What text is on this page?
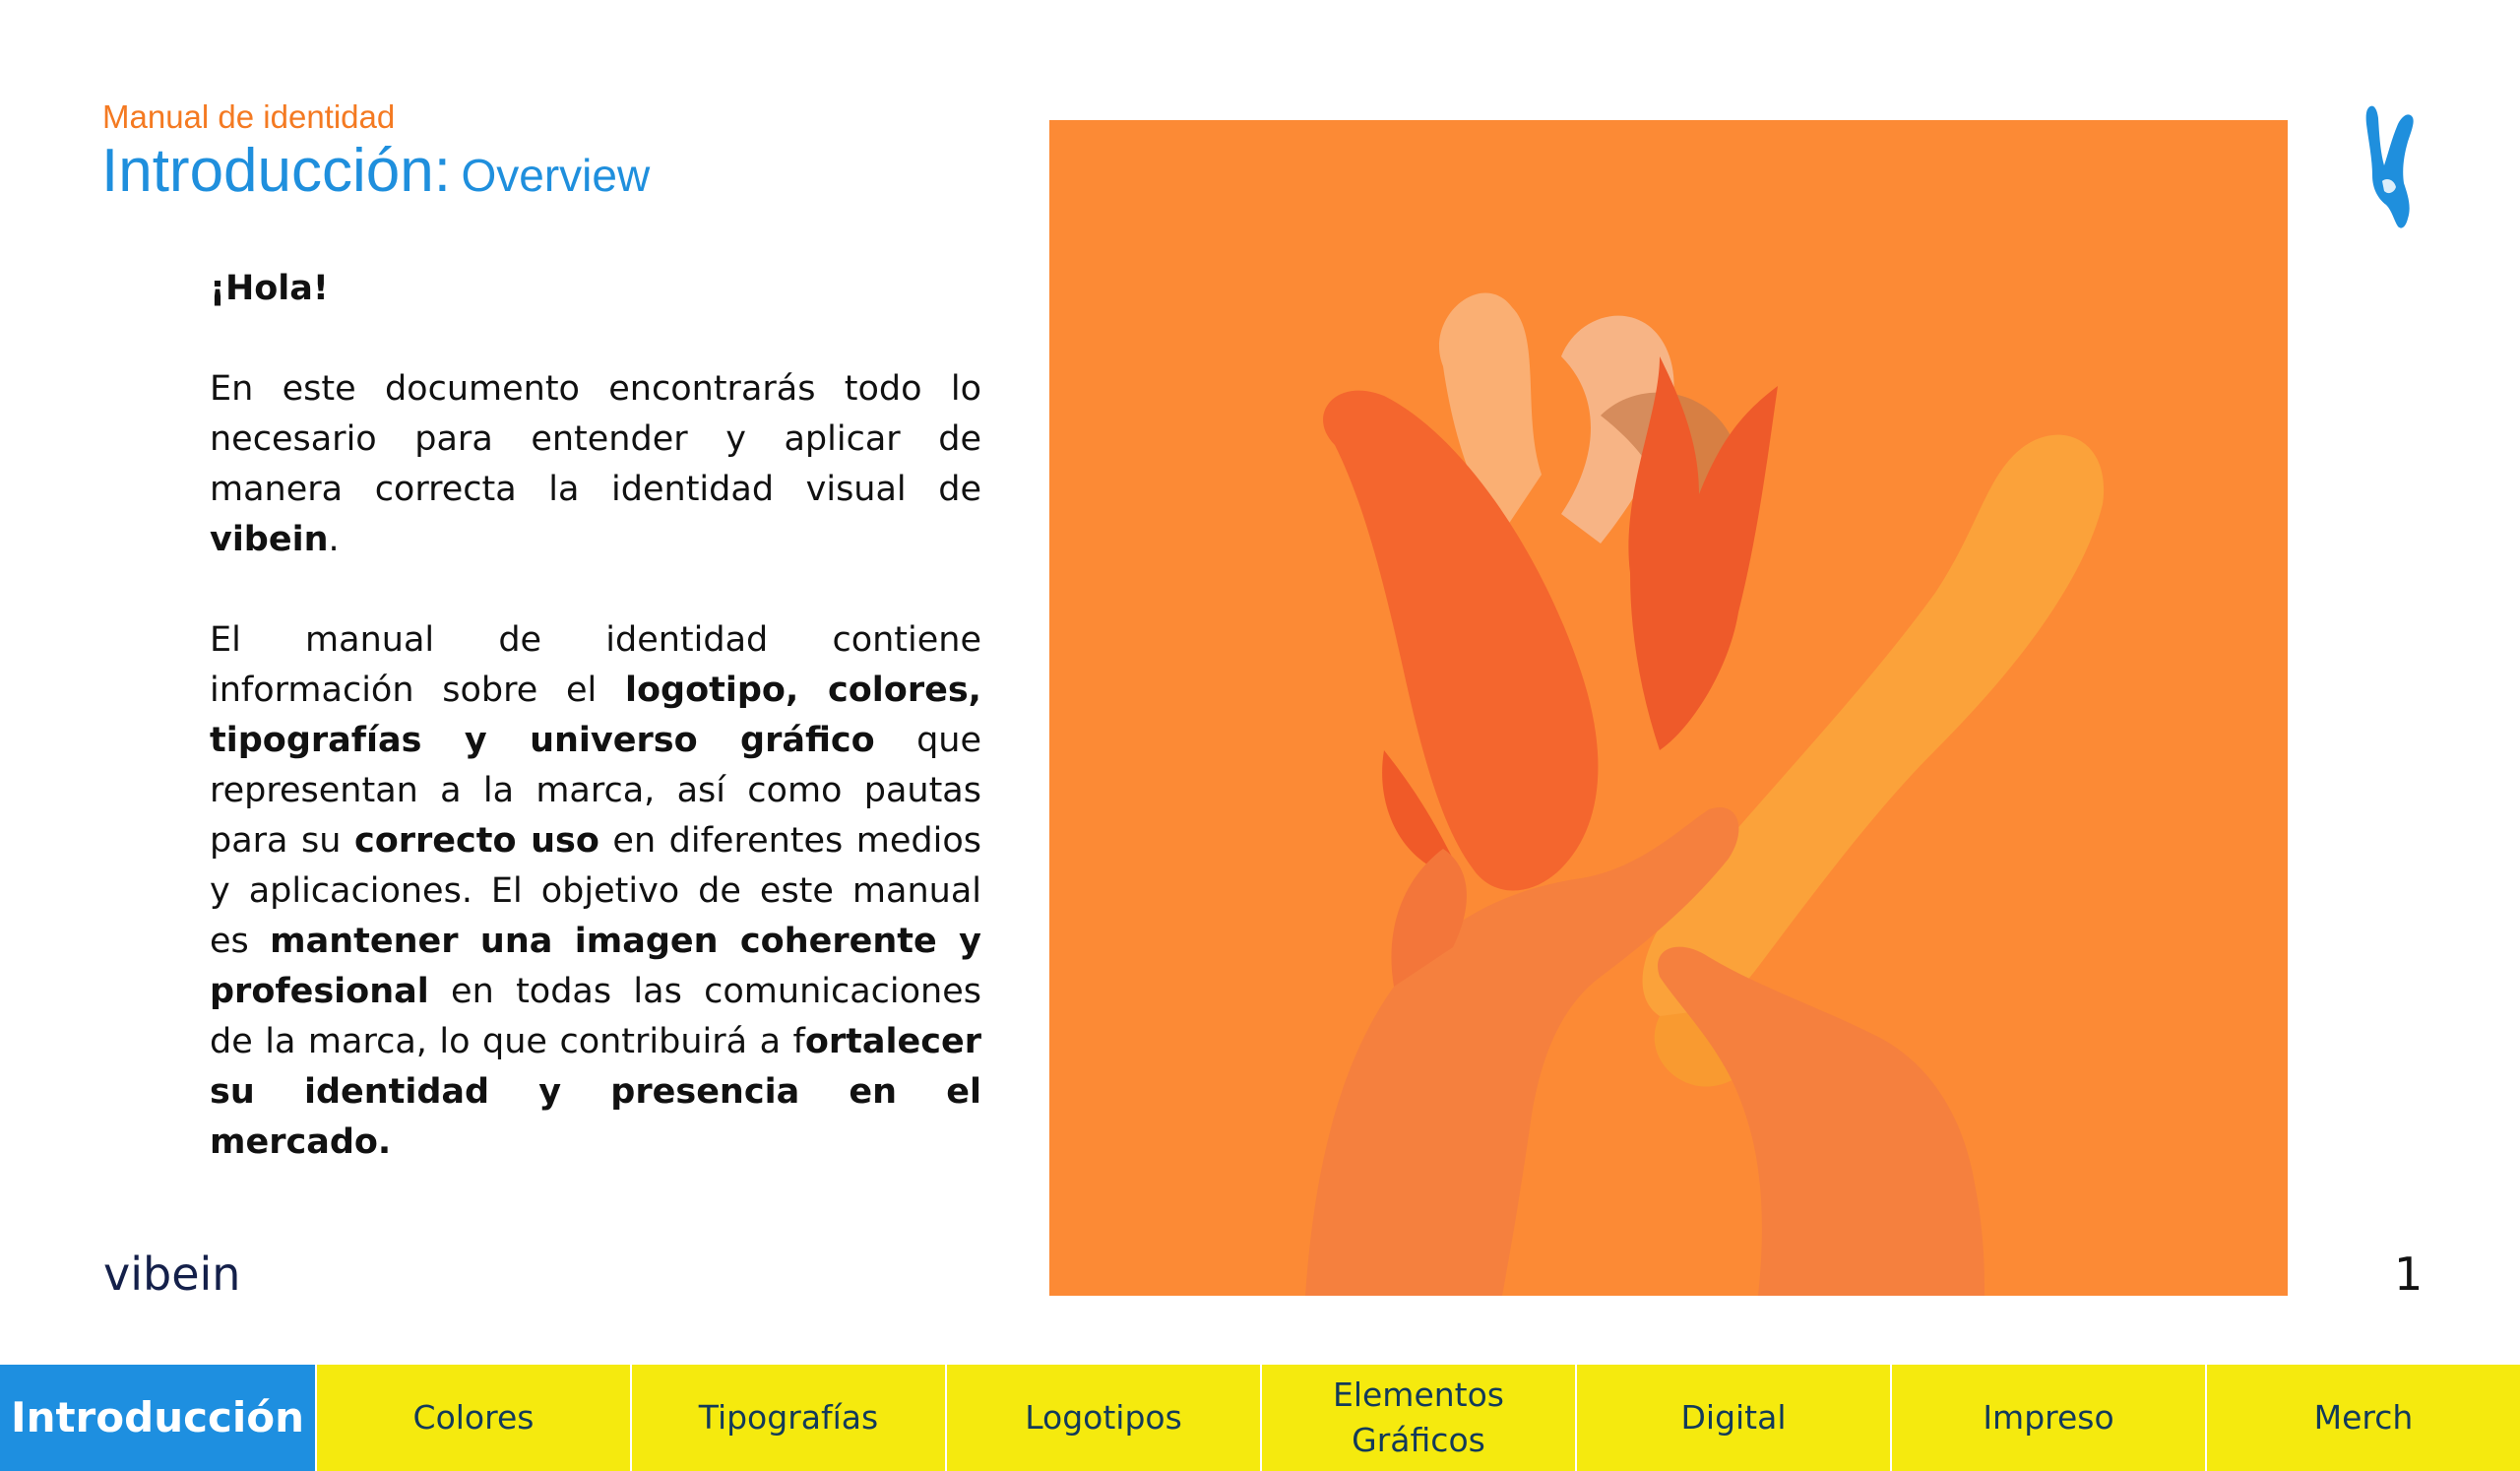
Manual de identidad
Introducción: Overview

¡Hola!

En este documento encontrarás todo lo necesario para entender y aplicar de manera correcta la identidad visual de vibein.

El manual de identidad contiene información sobre el logotipo, colores, tipografías y universo gráfico que representan a la marca, así como pautas para su correcto uso en diferentes medios y aplicaciones. El objetivo de este manual es mantener una imagen coherente y profesional en todas las comunicaciones de la marca, lo que contribuirá a fortalecer su identidad y presencia en el mercado.

vibein	1
Introducción	Colores	Tipografías	Logotipos
Elementos Gráficos
Digital	Impreso	Merch
